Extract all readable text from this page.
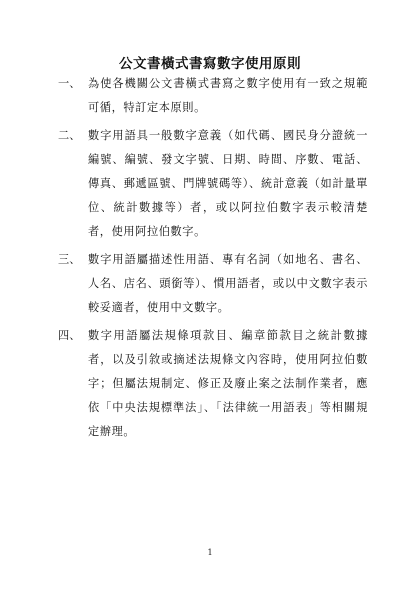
公文書橫式書寫數字使用原則
一、 為使各機關公文書橫式書寫之數字使用有一致之規範可循，特訂定本原則。
二、 數字用語具一般數字意義（如代碼、國民身分證統一編號、編號、發文字號、日期、時間、序數、電話、傳真、郵遞區號、門牌號碼等）、統計意義（如計量單位、統計數據等）者，或以阿拉伯數字表示較清楚者，使用阿拉伯數字。
三、 數字用語屬描述性用語、專有名詞（如地名、書名、人名、店名、頭銜等）、慣用語者，或以中文數字表示較妥適者，使用中文數字。
四、 數字用語屬法規條項款目、編章節款目之統計數據者，以及引敘或摘述法規條文內容時，使用阿拉伯數字；但屬法規制定、修正及廢止案之法制作業者，應依「中央法規標準法」、「法律統一用語表」等相關規定辦理。
1
